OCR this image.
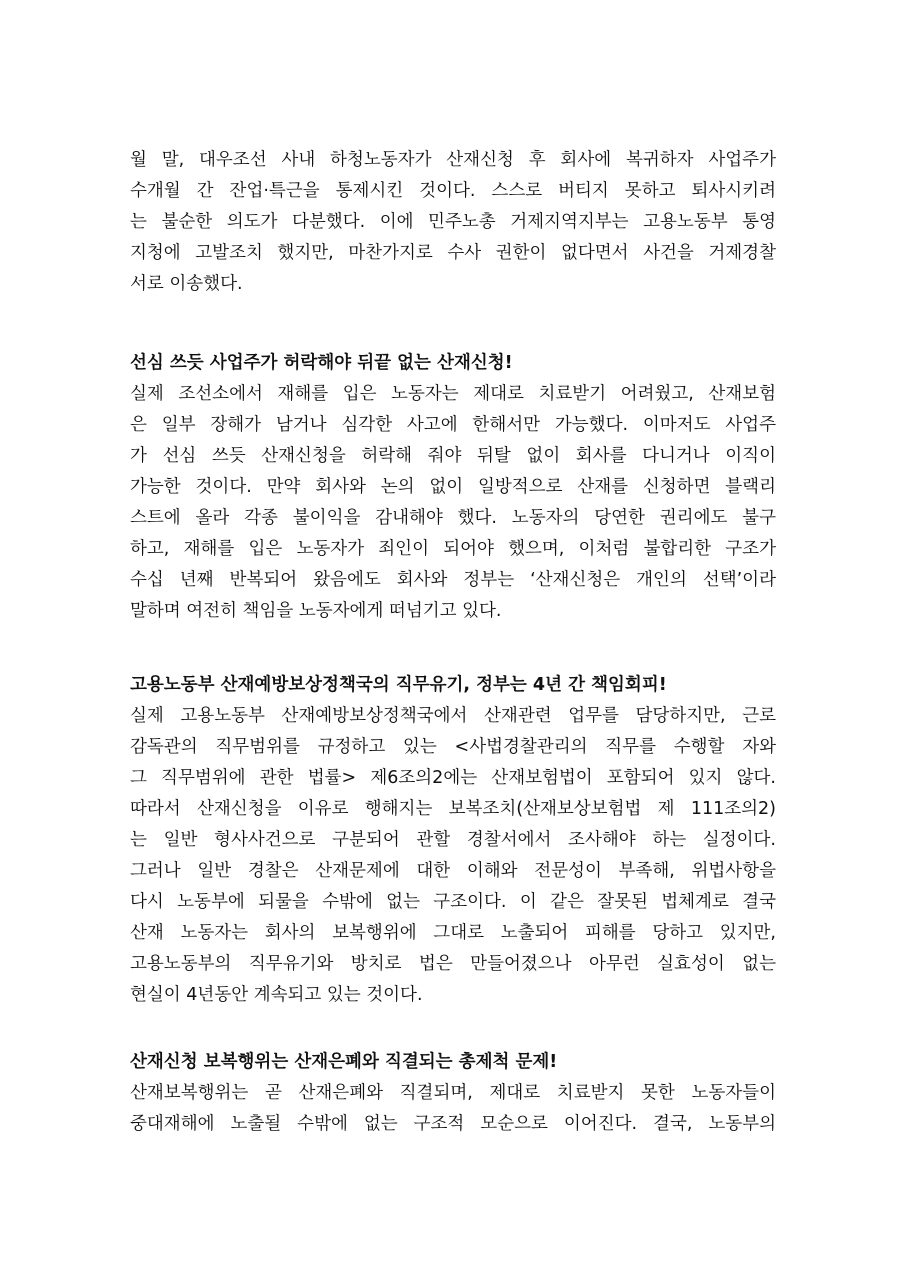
월 말, 대우조선 사내 하청노동자가 산재신청 후 회사에 복귀하자 사업주가
수개월 간 잔업·특근을 통제시킨 것이다. 스스로 버티지 못하고 퇴사시키려
는 불순한 의도가 다분했다. 이에 민주노총 거제지역지부는 고용노동부 통영
지청에 고발조치 했지만, 마찬가지로 수사 권한이 없다면서 사건을 거제경찰
서로 이송했다.
선심 쓰듯 사업주가 허락해야 뒤끝 없는 산재신청!
실제 조선소에서 재해를 입은 노동자는 제대로 치료받기 어려웠고, 산재보험
은 일부 장해가 남거나 심각한 사고에 한해서만 가능했다. 이마저도 사업주
가 선심 쓰듯 산재신청을 허락해 줘야 뒤탈 없이 회사를 다니거나 이직이
가능한 것이다. 만약 회사와 논의 없이 일방적으로 산재를 신청하면 블랙리
스트에 올라 각종 불이익을 감내해야 했다. 노동자의 당연한 권리에도 불구
하고, 재해를 입은 노동자가 죄인이 되어야 했으며, 이처럼 불합리한 구조가
수십 년째 반복되어 왔음에도 회사와 정부는 ‘산재신청은 개인의 선택’이라
말하며 여전히 책임을 노동자에게 떠넘기고 있다.
고용노동부 산재예방보상정책국의 직무유기, 정부는 4년 간 책임회피!
실제 고용노동부 산재예방보상정책국에서 산재관련 업무를 담당하지만, 근로
감독관의 직무범위를 규정하고 있는 <사법경찰관리의 직무를 수행할 자와
그 직무범위에 관한 법률> 제6조의2에는 산재보험법이 포함되어 있지 않다.
따라서 산재신청을 이유로 행해지는 보복조치(산재보상보험법 제 111조의2)
는 일반 형사사건으로 구분되어 관할 경찰서에서 조사해야 하는 실정이다.
그러나 일반 경찰은 산재문제에 대한 이해와 전문성이 부족해, 위법사항을
다시 노동부에 되물을 수밖에 없는 구조이다. 이 같은 잘못된 법체계로 결국
산재 노동자는 회사의 보복행위에 그대로 노출되어 피해를 당하고 있지만,
고용노동부의 직무유기와 방치로 법은 만들어졌으나 아무런 실효성이 없는
현실이 4년동안 계속되고 있는 것이다.
산재신청 보복행위는 산재은폐와 직결되는 총제척 문제!
산재보복행위는 곧 산재은폐와 직결되며, 제대로 치료받지 못한 노동자들이
중대재해에 노출될 수밖에 없는 구조적 모순으로 이어진다. 결국, 노동부의
